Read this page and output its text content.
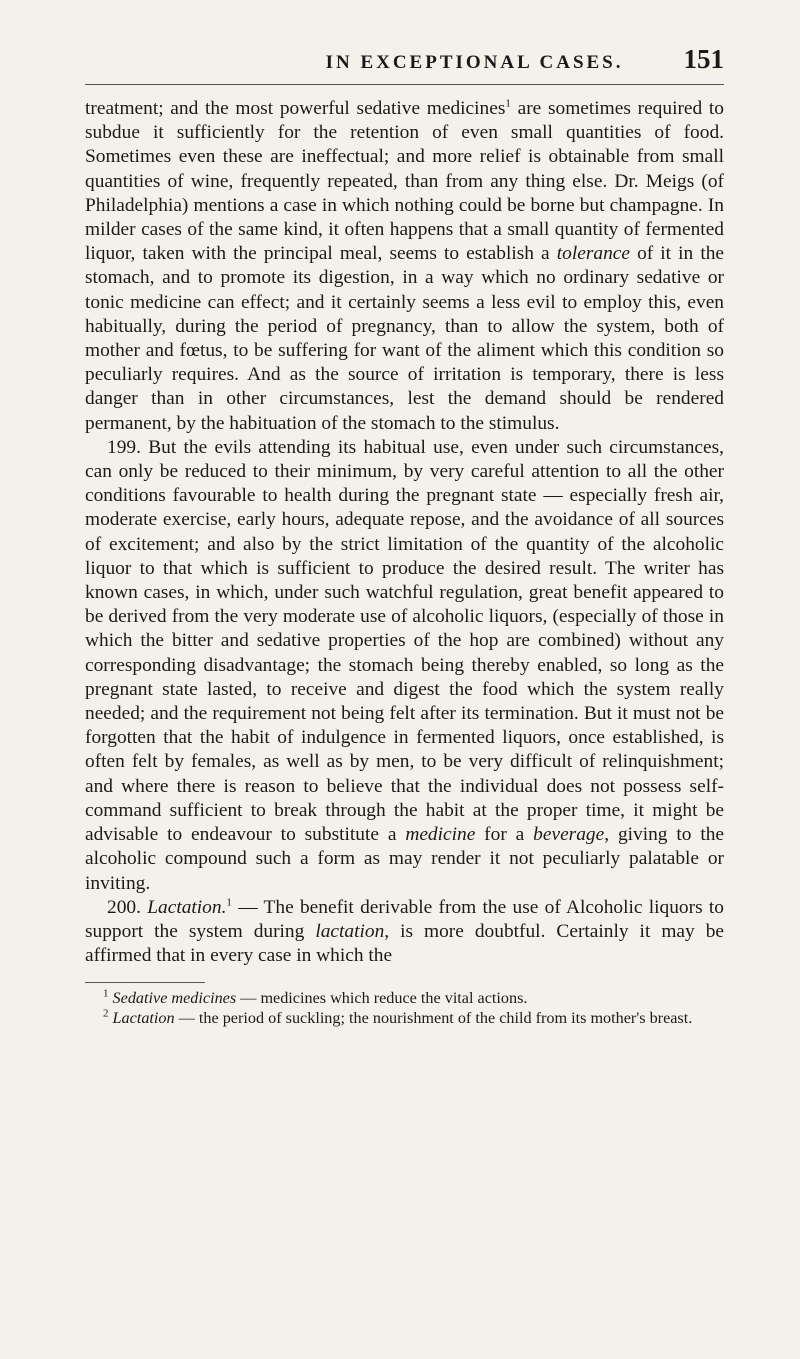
IN EXCEPTIONAL CASES. 151

treatment; and the most powerful sedative medicines$^1$ are sometimes required to subdue it sufficiently for the retention of even small quantities of food. Sometimes even these are ineffectual; and more relief is obtainable from small quantities of wine, frequently repeated, than from any thing else. Dr. Meigs (of Philadelphia) mentions a case in which nothing could be borne but champagne. In milder cases of the same kind, it often happens that a small quantity of fermented liquor, taken with the principal meal, seems to establish a tolerance of it in the stomach, and to promote its digestion, in a way which no ordinary sedative or tonic medicine can effect; and it certainly seems a less evil to employ this, even habitually, during the period of pregnancy, than to allow the system, both of mother and fœtus, to be suffering for want of the aliment which this condition so peculiarly requires. And as the source of irritation is temporary, there is less danger than in other circumstances, lest the demand should be rendered permanent, by the habituation of the stomach to the stimulus.

199. But the evils attending its habitual use, even under such circumstances, can only be reduced to their minimum, by very careful attention to all the other conditions favourable to health during the pregnant state — especially fresh air, moderate exercise, early hours, adequate repose, and the avoidance of all sources of excitement; and also by the strict limitation of the quantity of the alcoholic liquor to that which is sufficient to produce the desired result. The writer has known cases, in which, under such watchful regulation, great benefit appeared to be derived from the very moderate use of alcoholic liquors, (especially of those in which the bitter and sedative properties of the hop are combined) without any corresponding disadvantage; the stomach being thereby enabled, so long as the pregnant state lasted, to receive and digest the food which the system really needed; and the requirement not being felt after its termination. But it must not be forgotten that the habit of indulgence in fermented liquors, once established, is often felt by females, as well as by men, to be very difficult of relinquishment; and where there is reason to believe that the individual does not possess self-command sufficient to break through the habit at the proper time, it might be advisable to endeavour to substitute a medicine for a beverage, giving to the alcoholic compound such a form as may render it not peculiarly palatable or inviting.

200. Lactation.$^1$ — The benefit derivable from the use of Alcoholic liquors to support the system during lactation, is more doubtful. Certainly it may be affirmed that in every case in which the

$^1$ Sedative medicines — medicines which reduce the vital actions.

$^2$ Lactation — the period of suckling; the nourishment of the child from its mother's breast.
